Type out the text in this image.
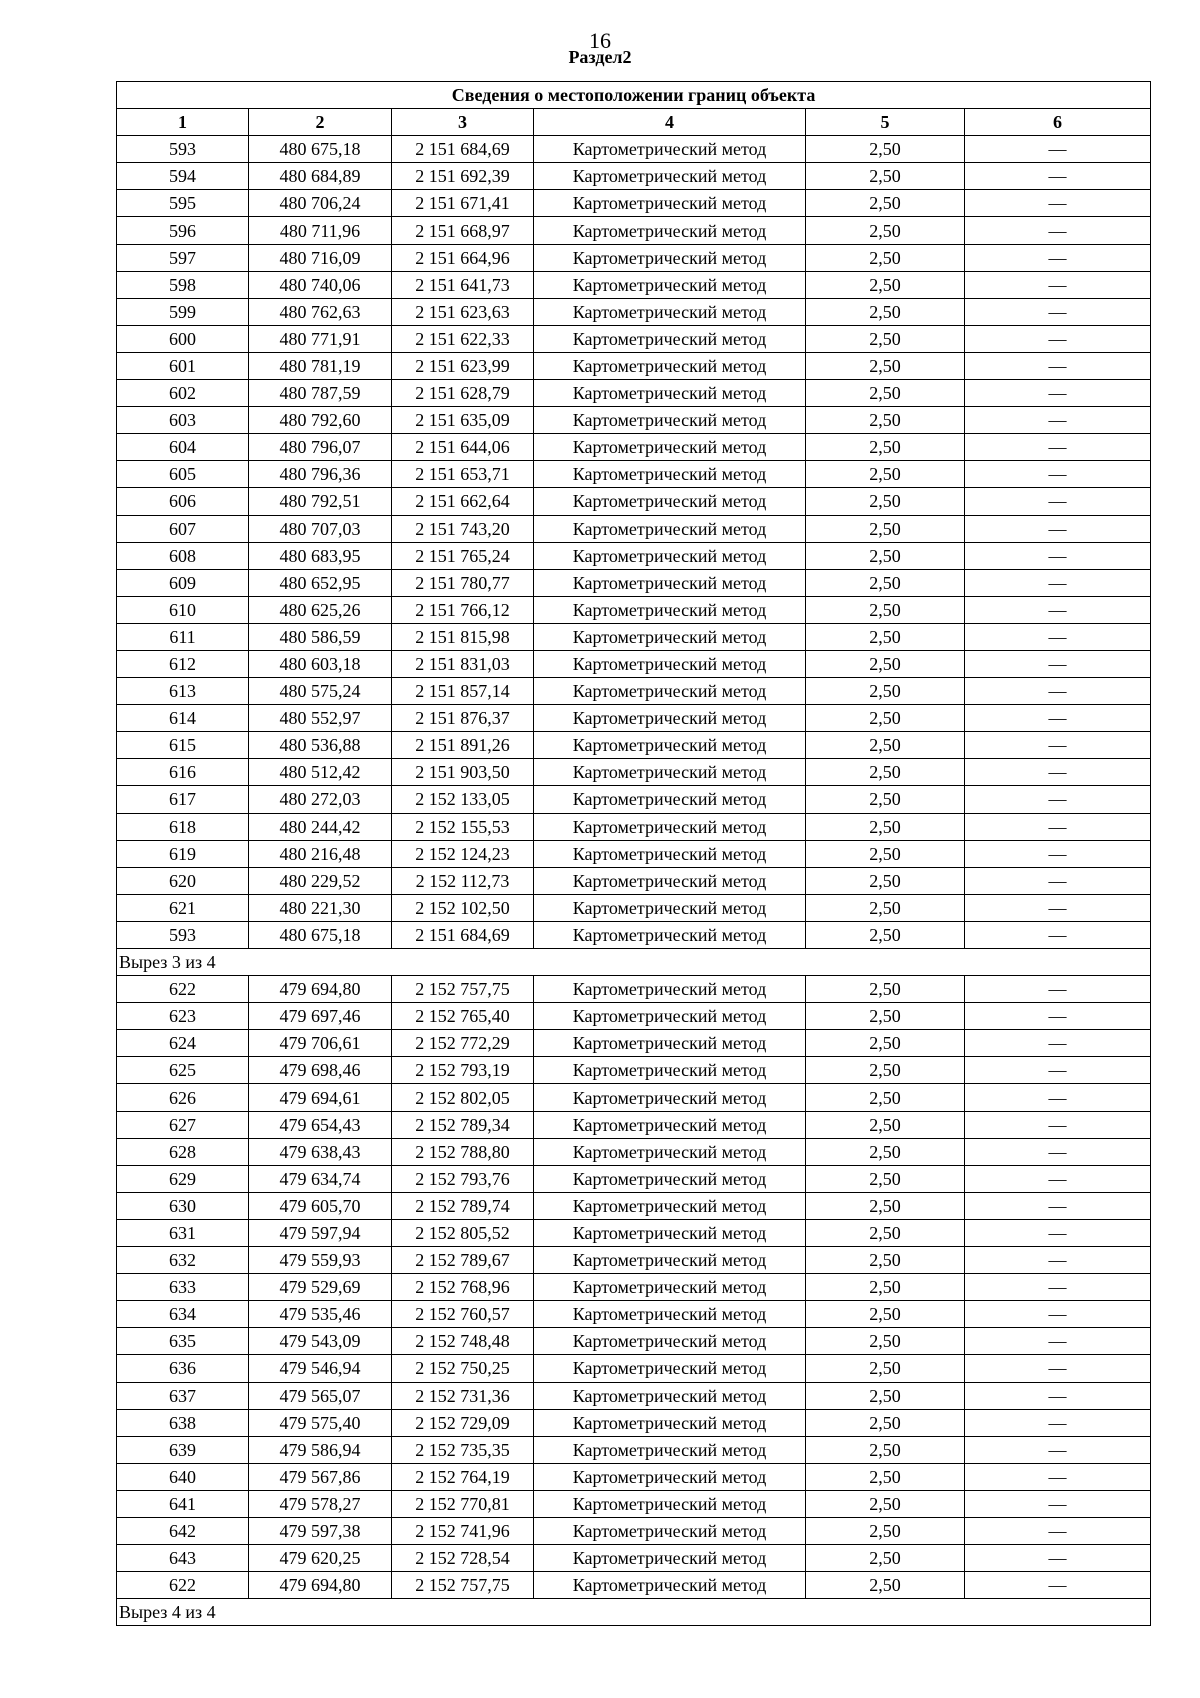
16
Раздел2
Сведения о местоположении границ объекта					
1	2	3	4	5	6
593	480 675,18	2 151 684,69	Картометрический метод	2,50	—
594	480 684,89	2 151 692,39	Картометрический метод	2,50	—
595	480 706,24	2 151 671,41	Картометрический метод	2,50	—
596	480 711,96	2 151 668,97	Картометрический метод	2,50	—
597	480 716,09	2 151 664,96	Картометрический метод	2,50	—
598	480 740,06	2 151 641,73	Картометрический метод	2,50	—
599	480 762,63	2 151 623,63	Картометрический метод	2,50	—
600	480 771,91	2 151 622,33	Картометрический метод	2,50	—
601	480 781,19	2 151 623,99	Картометрический метод	2,50	—
602	480 787,59	2 151 628,79	Картометрический метод	2,50	—
603	480 792,60	2 151 635,09	Картометрический метод	2,50	—
604	480 796,07	2 151 644,06	Картометрический метод	2,50	—
605	480 796,36	2 151 653,71	Картометрический метод	2,50	—
606	480 792,51	2 151 662,64	Картометрический метод	2,50	—
607	480 707,03	2 151 743,20	Картометрический метод	2,50	—
608	480 683,95	2 151 765,24	Картометрический метод	2,50	—
609	480 652,95	2 151 780,77	Картометрический метод	2,50	—
610	480 625,26	2 151 766,12	Картометрический метод	2,50	—
611	480 586,59	2 151 815,98	Картометрический метод	2,50	—
612	480 603,18	2 151 831,03	Картометрический метод	2,50	—
613	480 575,24	2 151 857,14	Картометрический метод	2,50	—
614	480 552,97	2 151 876,37	Картометрический метод	2,50	—
615	480 536,88	2 151 891,26	Картометрический метод	2,50	—
616	480 512,42	2 151 903,50	Картометрический метод	2,50	—
617	480 272,03	2 152 133,05	Картометрический метод	2,50	—
618	480 244,42	2 152 155,53	Картометрический метод	2,50	—
619	480 216,48	2 152 124,23	Картометрический метод	2,50	—
620	480 229,52	2 152 112,73	Картометрический метод	2,50	—
621	480 221,30	2 152 102,50	Картометрический метод	2,50	—
593	480 675,18	2 151 684,69	Картометрический метод	2,50	—
Вырез 3 из 4					
622	479 694,80	2 152 757,75	Картометрический метод	2,50	—
623	479 697,46	2 152 765,40	Картометрический метод	2,50	—
624	479 706,61	2 152 772,29	Картометрический метод	2,50	—
625	479 698,46	2 152 793,19	Картометрический метод	2,50	—
626	479 694,61	2 152 802,05	Картометрический метод	2,50	—
627	479 654,43	2 152 789,34	Картометрический метод	2,50	—
628	479 638,43	2 152 788,80	Картометрический метод	2,50	—
629	479 634,74	2 152 793,76	Картометрический метод	2,50	—
630	479 605,70	2 152 789,74	Картометрический метод	2,50	—
631	479 597,94	2 152 805,52	Картометрический метод	2,50	—
632	479 559,93	2 152 789,67	Картометрический метод	2,50	—
633	479 529,69	2 152 768,96	Картометрический метод	2,50	—
634	479 535,46	2 152 760,57	Картометрический метод	2,50	—
635	479 543,09	2 152 748,48	Картометрический метод	2,50	—
636	479 546,94	2 152 750,25	Картометрический метод	2,50	—
637	479 565,07	2 152 731,36	Картометрический метод	2,50	—
638	479 575,40	2 152 729,09	Картометрический метод	2,50	—
639	479 586,94	2 152 735,35	Картометрический метод	2,50	—
640	479 567,86	2 152 764,19	Картометрический метод	2,50	—
641	479 578,27	2 152 770,81	Картометрический метод	2,50	—
642	479 597,38	2 152 741,96	Картометрический метод	2,50	—
643	479 620,25	2 152 728,54	Картометрический метод	2,50	—
622	479 694,80	2 152 757,75	Картометрический метод	2,50	—
Вырез 4 из 4					
